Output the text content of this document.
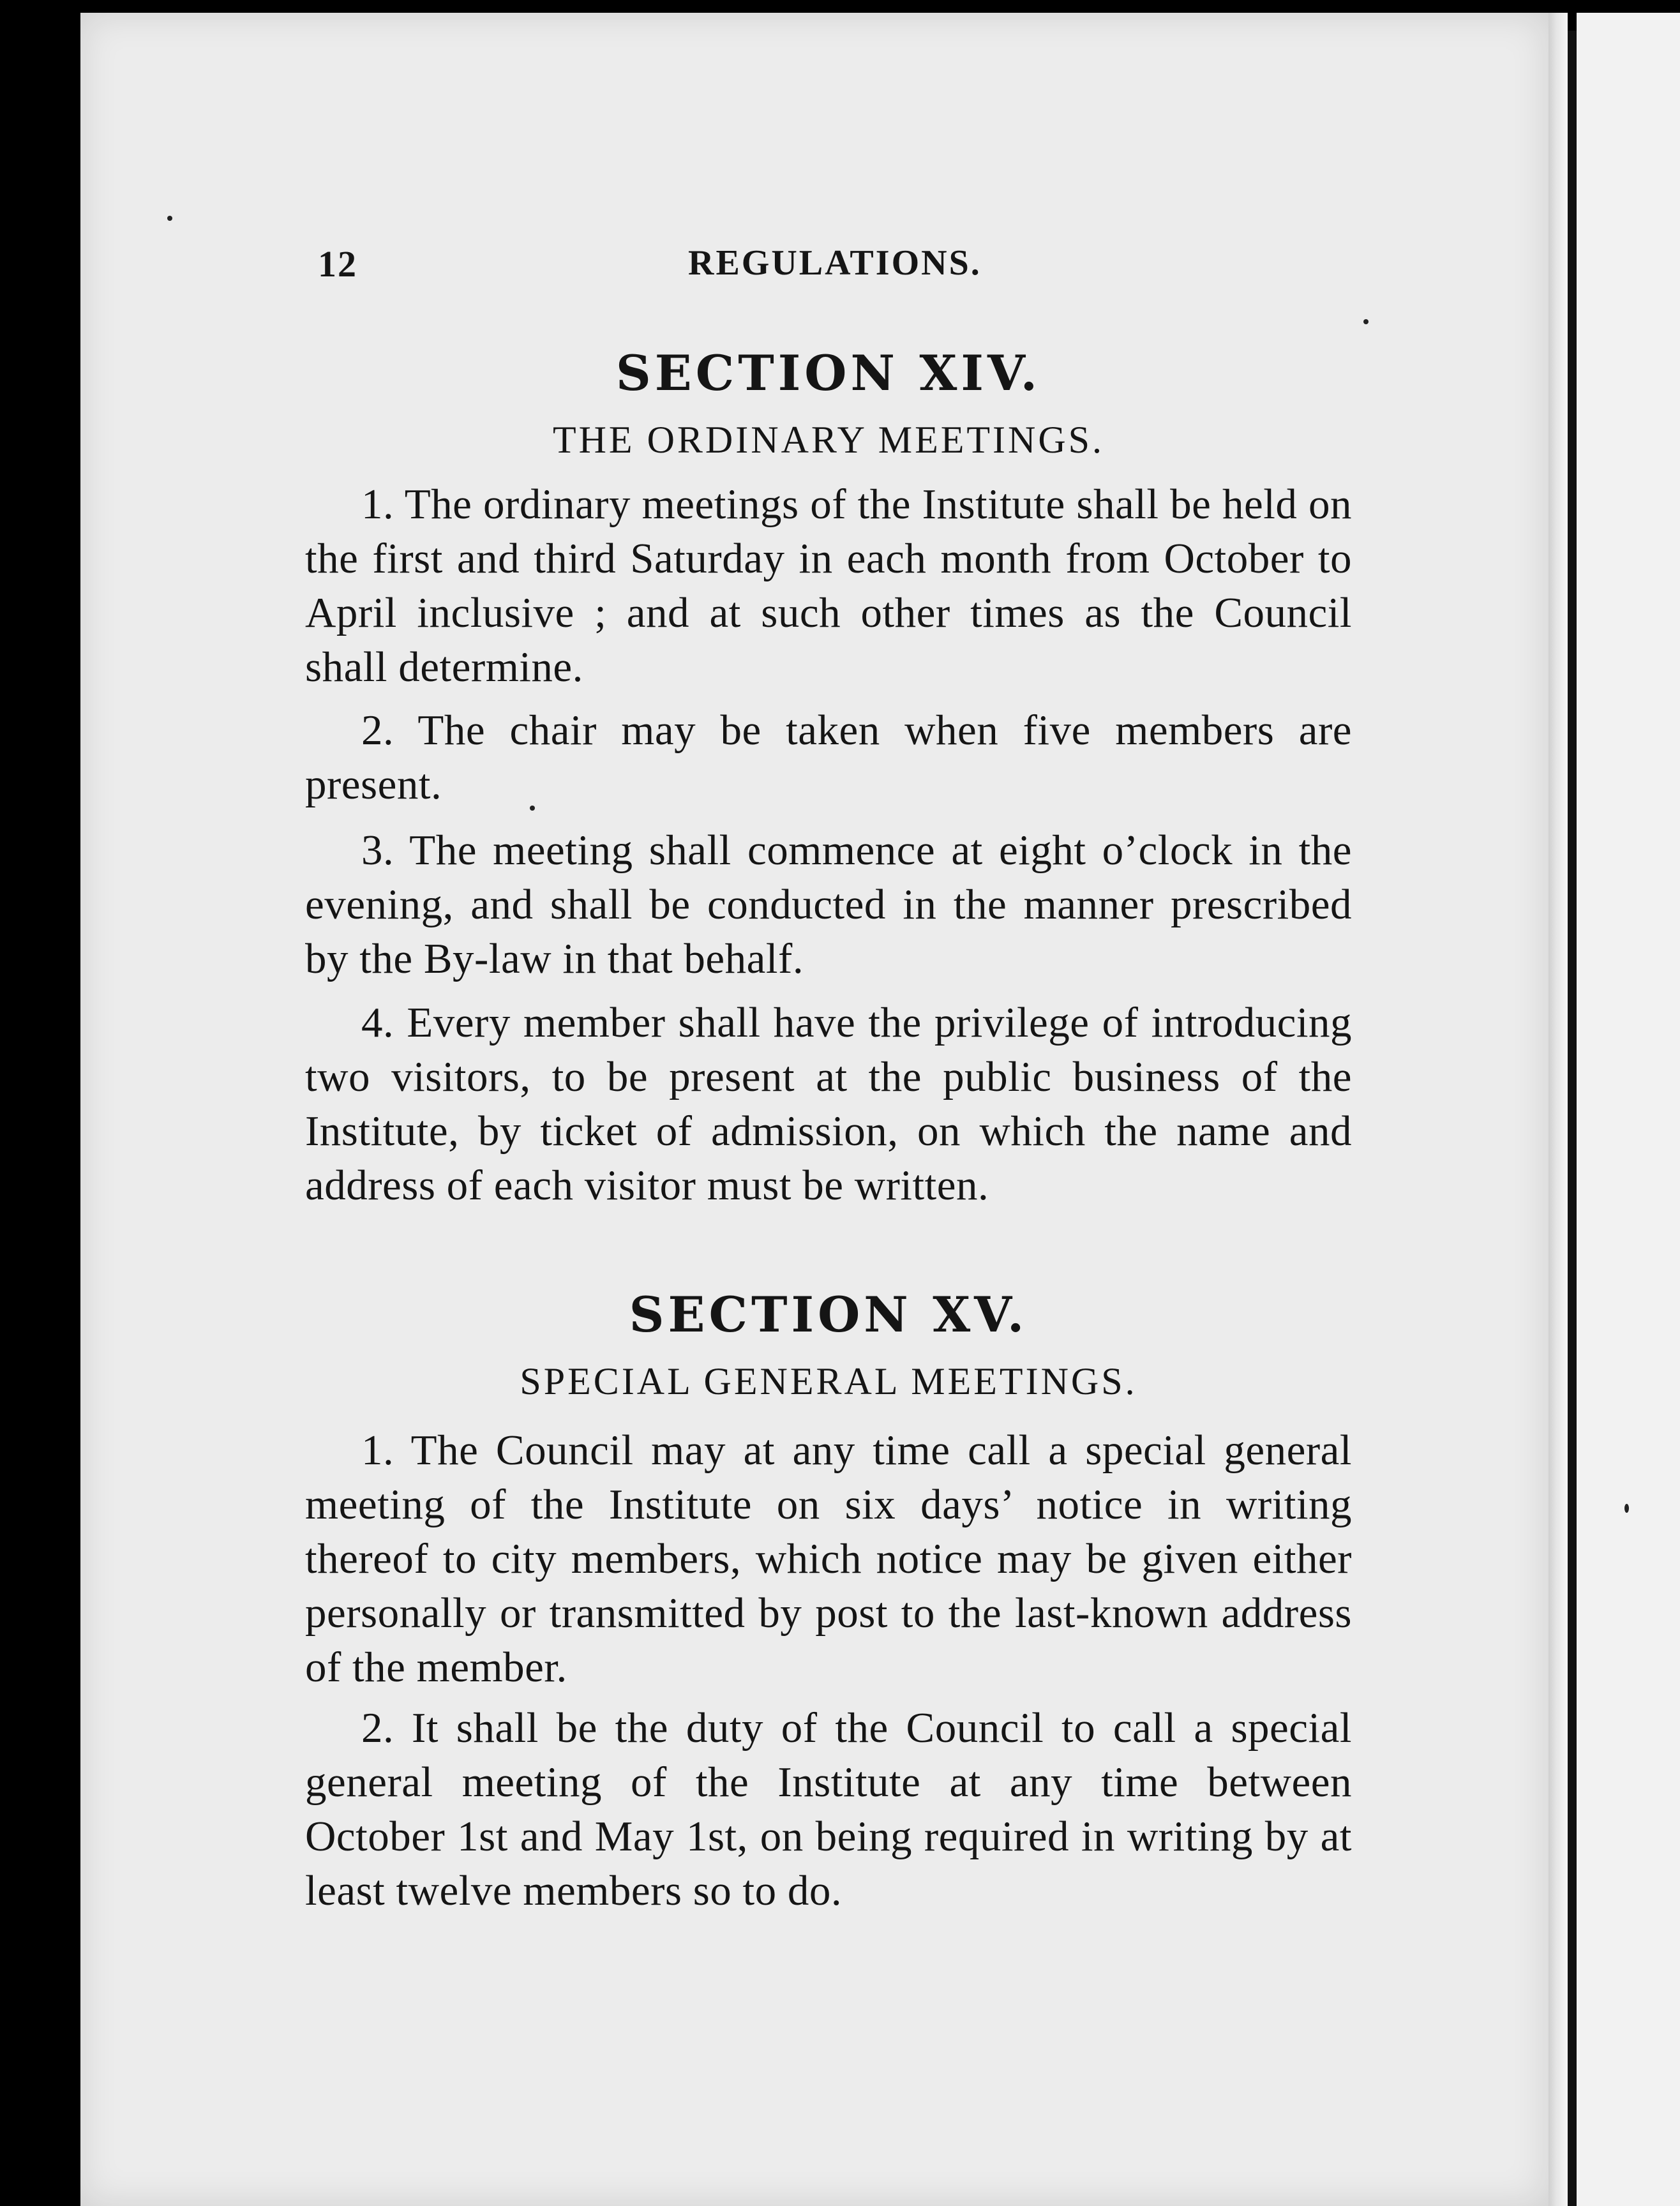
12	REGULATIONS.
SECTION XIV.
THE ORDINARY MEETINGS.

1. The ordinary meetings of the Institute shall be held on the first and third Saturday in each month from October to April inclusive ; and at such other times as the Council shall determine.

2. The chair may be taken when five members are present.

3. The meeting shall commence at eight o’clock in the evening, and shall be conducted in the manner prescribed by the By-law in that behalf.

4. Every member shall have the privilege of introducing two visitors, to be present at the public business of the Institute, by ticket of admission, on which the name and address of each visitor must be written.

SECTION XV.
SPECIAL GENERAL MEETINGS.

1. The Council may at any time call a special general meeting of the Institute on six days’ notice in writing thereof to city members, which notice may be given either personally or transmitted by post to the last-known address of the member.

2. It shall be the duty of the Council to call a special general meeting of the Institute at any time between October 1st and May 1st, on being required in writing by at least twelve members so to do.
